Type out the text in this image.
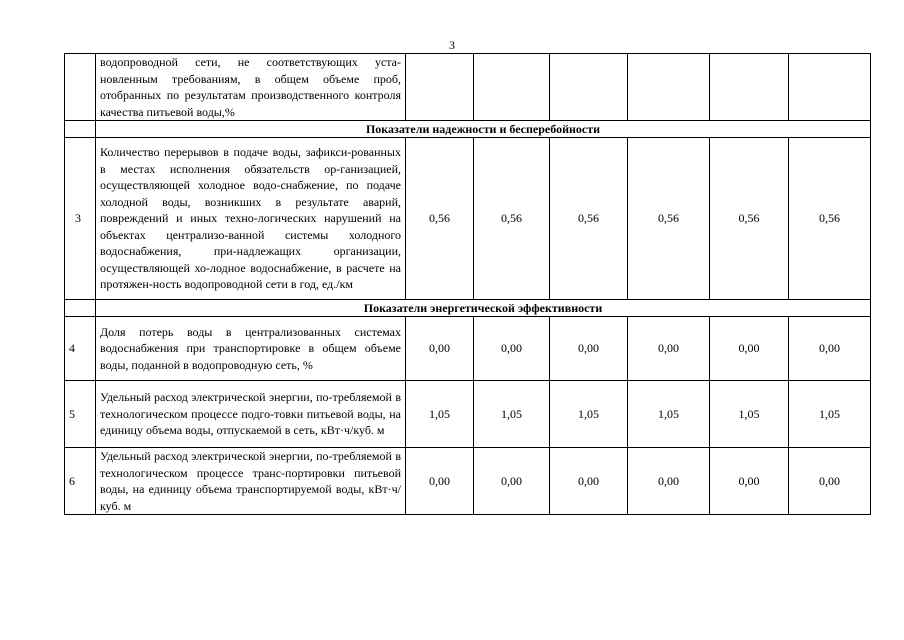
3
	водопроводной сети, не соответствующих уста-новленным требованиям, в общем объеме проб, отобранных по результатам производственного контроля качества питьевой воды,%						
	Показатели надежности и бесперебойности						
3	Количество перерывов в подаче воды, зафикси-рованных в местах исполнения обязательств ор-ганизацией, осуществляющей холодное водо-снабжение, по подаче холодной воды, возникших в результате аварий, повреждений и иных техно-логических нарушений на объектах централизо-ванной системы холодного водоснабжения, при-надлежащих организации, осуществляющей хо-лодное водоснабжение, в расчете на протяжен-ность водопроводной сети в год, ед./км	0,56	0,56	0,56	0,56	0,56	0,56
	Показатели энергетической эффективности						
4	Доля потерь воды в централизованных системах водоснабжения при транспортировке в общем объеме воды, поданной в водопроводную сеть, %	0,00	0,00	0,00	0,00	0,00	0,00
5	Удельный расход электрической энергии, по-требляемой в технологическом процессе подго-товки питьевой воды, на единицу объема воды, отпускаемой в сеть, кВт·ч/куб. м	1,05	1,05	1,05	1,05	1,05	1,05
6	Удельный расход электрической энергии, по-требляемой в технологическом процессе транс-портировки питьевой воды, на единицу объема транспортируемой воды, кВт·ч/куб. м	0,00	0,00	0,00	0,00	0,00	0,00
